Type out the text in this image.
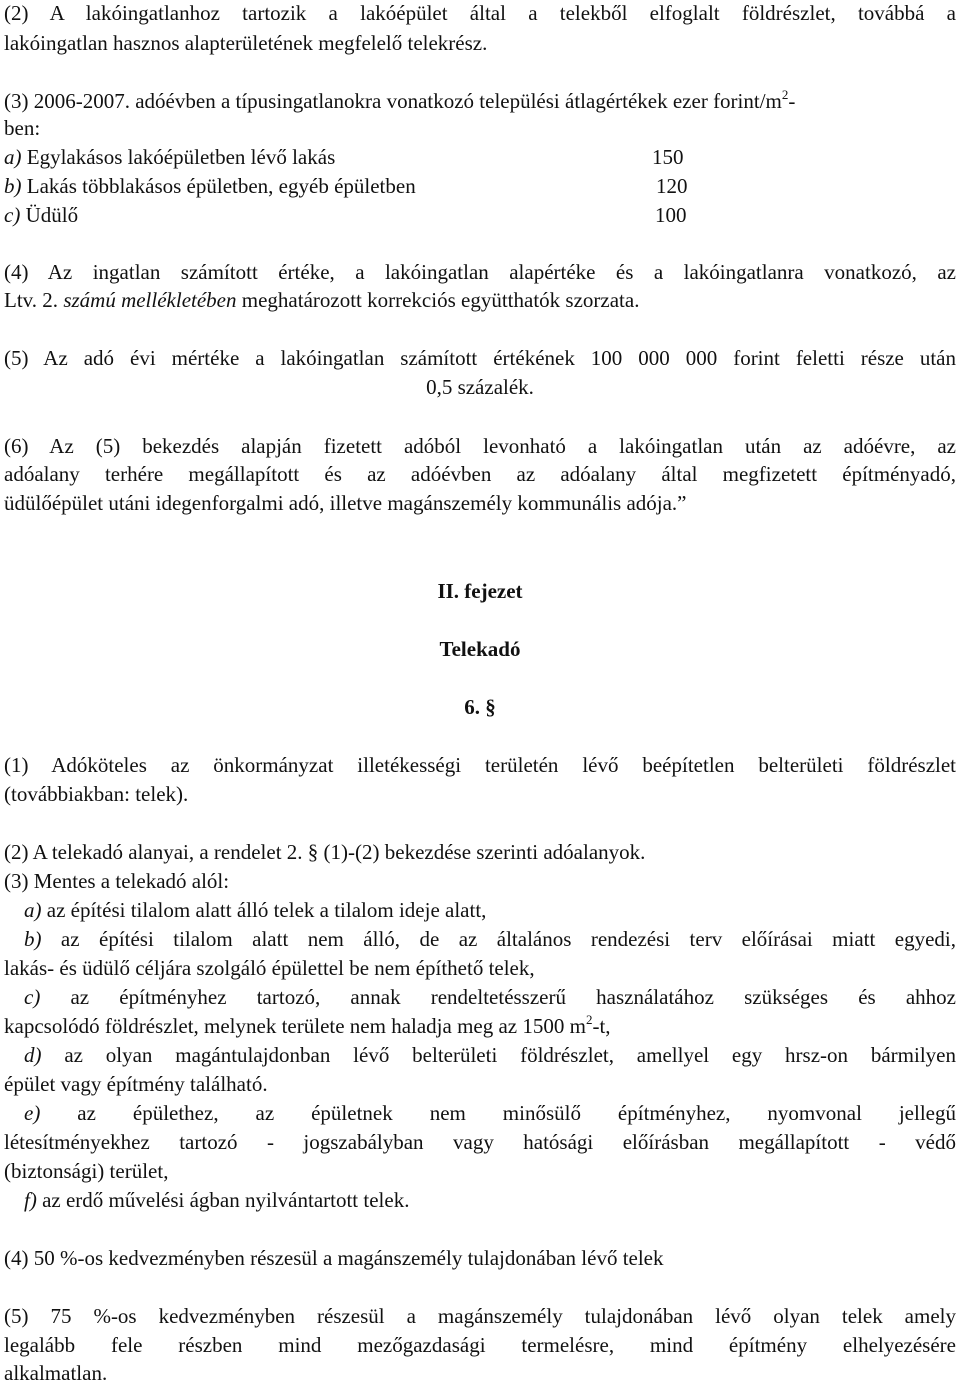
(2) A lakóingatlanhoz tartozik a lakóépület által a telekből elfoglalt földrészlet, továbbá a
lakóingatlan hasznos alapterületének megfelelő telekrész.
(3) 2006-2007. adóévben a típusingatlanokra vonatkozó települési átlagértékek ezer forint/$m^2-$
ben:
a) Egylakásos lakóépületben lévő lakás	150
b) Lakás többlakásos épületben, egyéb épületben	120
c) Üdülő	100
(4) Az ingatlan számított értéke, a lakóingatlan alapértéke és a lakóingatlanra vonatkozó, az
Ltv. 2. számú mellékletében meghatározott korrekciós együtthatók szorzata.
(5) Az adó évi mértéke a lakóingatlan számított értékének 100 000 000 forint feletti része után
0,5 százalék.
(6) Az (5) bekezdés alapján fizetett adóból levonható a lakóingatlan után az adóévre, az
adóalany terhére megállapított és az adóévben az adóalany által megfizetett építményadó,
üdülőépület utáni idegenforgalmi adó, illetve magánszemély kommunális adója.”
II. fejezet
Telekadó
6. §
(1) Adóköteles az önkormányzat illetékességi területén lévő beépítetlen belterületi földrészlet
(továbbiakban: telek).
(2) A telekadó alanyai, a rendelet 2. § (1)-(2) bekezdése szerinti adóalanyok.
(3) Mentes a telekadó alól:
a) az építési tilalom alatt álló telek a tilalom ideje alatt,
b) az építési tilalom alatt nem álló, de az általános rendezési terv előírásai miatt egyedi,
lakás- és üdülő céljára szolgáló épülettel be nem építhető telek,
c) az építményhez tartozó, annak rendeltetésszerű használatához szükséges és ahhoz
kapcsolódó földrészlet, melynek területe nem haladja meg az 1500 $m^2-t$,
d) az olyan magántulajdonban lévő belterületi földrészlet, amellyel egy hrsz-on bármilyen
épület vagy építmény található.
e) az épülethez, az épületnek nem minősülő építményhez, nyomvonal jellegű
létesítményekhez tartozó - jogszabályban vagy hatósági előírásban megállapított - védő
(biztonsági) terület,
f) az erdő művelési ágban nyilvántartott telek.
(4) 50 %-os kedvezményben részesül a magánszemély tulajdonában lévő telek
(5) 75 %-os kedvezményben részesül a magánszemély tulajdonában lévő olyan telek amely
legalább fele részben mind mezőgazdasági termelésre, mind építmény elhelyezésére
alkalmatlan.
